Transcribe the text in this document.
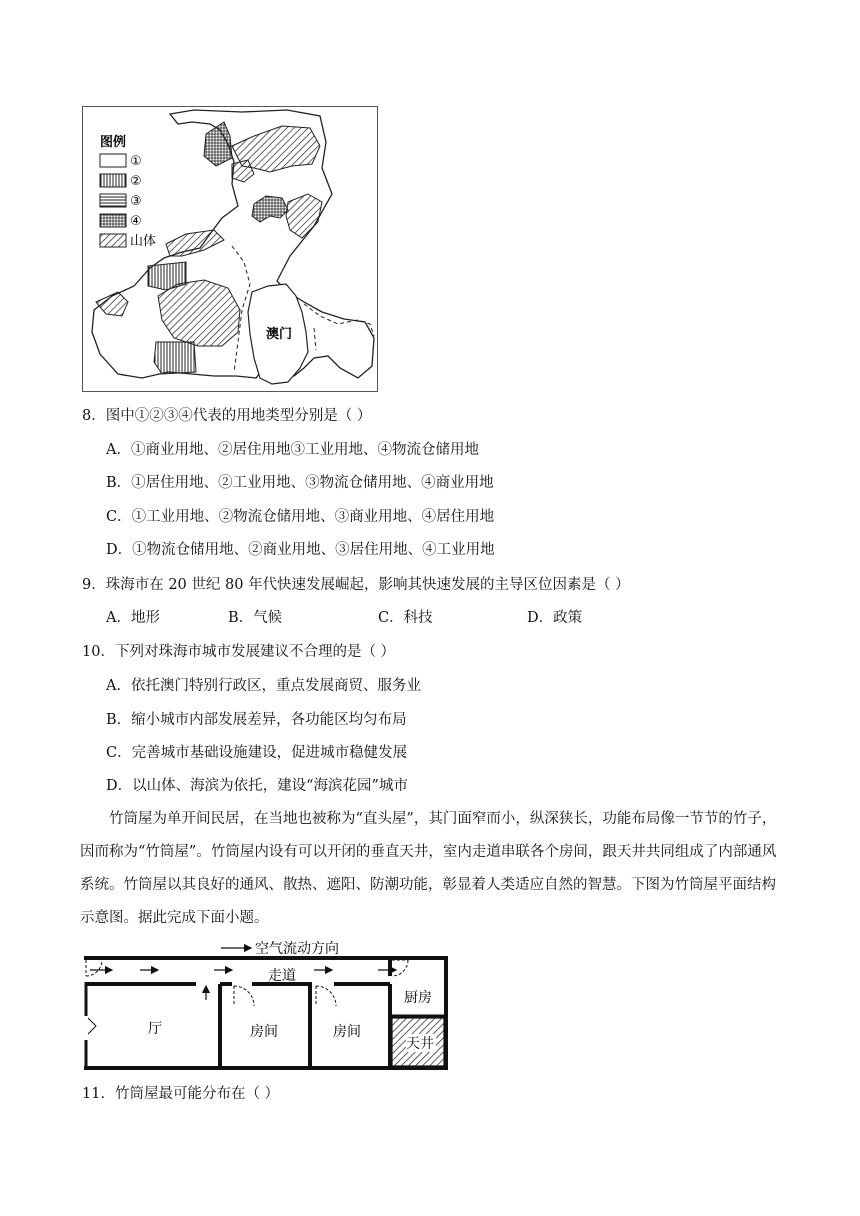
图例
①
②
③
④
山体
澳门
8．图中①②③④代表的用地类型分别是（ ）
A．①商业用地、②居住用地③工业用地、④物流仓储用地
B．①居住用地、②工业用地、③物流仓储用地、④商业用地
C．①工业用地、②物流仓储用地、③商业用地、④居住用地
D．①物流仓储用地、②商业用地、③居住用地、④工业用地
9．珠海市在 20 世纪 80 年代快速发展崛起，影响其快速发展的主导区位因素是（ ）
A．地形	B．气候	C．科技	D．政策
10．下列对珠海市城市发展建议不合理的是（ ）
A．依托澳门特别行政区，重点发展商贸、服务业
B．缩小城市内部发展差异，各功能区均匀布局
C．完善城市基础设施建设，促进城市稳健发展
D．以山体、海滨为依托，建设“海滨花园”城市

竹筒屋为单开间民居，在当地也被称为“直头屋”，其门面窄而小，纵深狭长，功能布局像一节节的竹子，因而称为“竹筒屋”。竹筒屋内设有可以开闭的垂直天井，室内走道串联各个房间，跟天井共同组成了内部通风系统。竹筒屋以其良好的通风、散热、遮阳、防潮功能，彰显着人类适应自然的智慧。下图为竹筒屋平面结构示意图。据此完成下面小题。

空气流动方向
走道
厅	房间	房间
厨房
天井
11．竹筒屋最可能分布在（ ）
